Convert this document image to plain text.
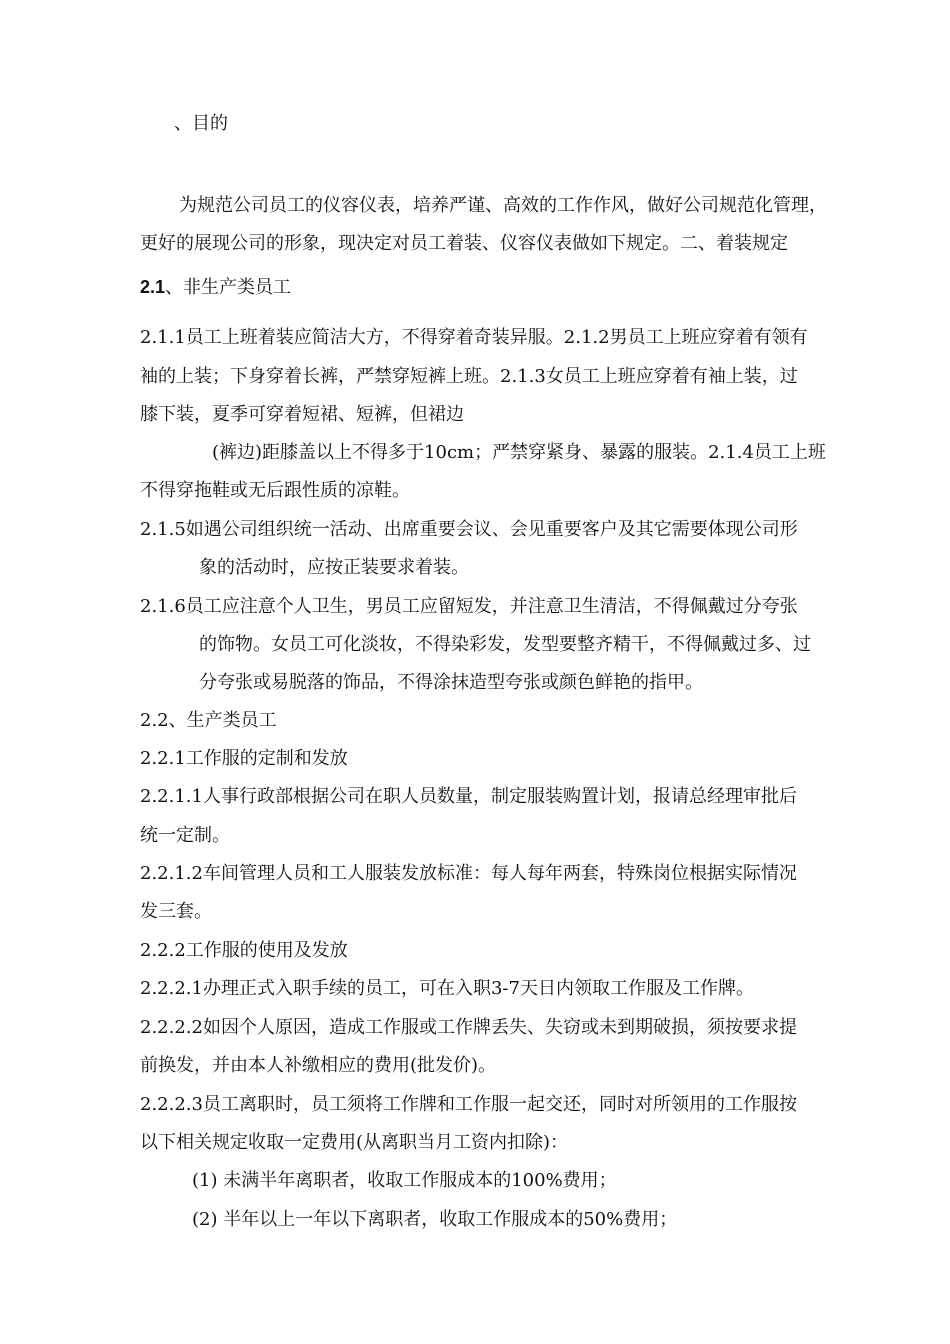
、目的
为规范公司员工的仪容仪表，培养严谨、高效的工作作风，做好公司规范化管理，
更好的展现公司的形象，现决定对员工着装、仪容仪表做如下规定。二、着装规定
2.1、非生产类员工
2.1.1员工上班着装应简洁大方，不得穿着奇装异服。2.1.2男员工上班应穿着有领有
袖的上装；下身穿着长裤，严禁穿短裤上班。2.1.3女员工上班应穿着有袖上装，过
膝下装，夏季可穿着短裙、短裤，但裙边
(裤边)距膝盖以上不得多于10cm；严禁穿紧身、暴露的服装。2.1.4员工上班
不得穿拖鞋或无后跟性质的凉鞋。
2.1.5如遇公司组织统一活动、出席重要会议、会见重要客户及其它需要体现公司形
象的活动时，应按正装要求着装。
2.1.6员工应注意个人卫生，男员工应留短发，并注意卫生清洁，不得佩戴过分夸张
的饰物。女员工可化淡妆，不得染彩发，发型要整齐精干，不得佩戴过多、过
分夸张或易脱落的饰品，不得涂抹造型夸张或颜色鲜艳的指甲。
2.2、生产类员工
2.2.1工作服的定制和发放
2.2.1.1人事行政部根据公司在职人员数量，制定服装购置计划，报请总经理审批后
统一定制。
2.2.1.2车间管理人员和工人服装发放标准：每人每年两套，特殊岗位根据实际情况
发三套。
2.2.2工作服的使用及发放
2.2.2.1办理正式入职手续的员工，可在入职3-7天日内领取工作服及工作牌。
2.2.2.2如因个人原因，造成工作服或工作牌丢失、失窃或未到期破损，须按要求提
前换发，并由本人补缴相应的费用(批发价)。
2.2.2.3员工离职时，员工须将工作牌和工作服一起交还，同时对所领用的工作服按
以下相关规定收取一定费用(从离职当月工资内扣除)：
(1) 未满半年离职者，收取工作服成本的100%费用；
(2) 半年以上一年以下离职者，收取工作服成本的50%费用；
